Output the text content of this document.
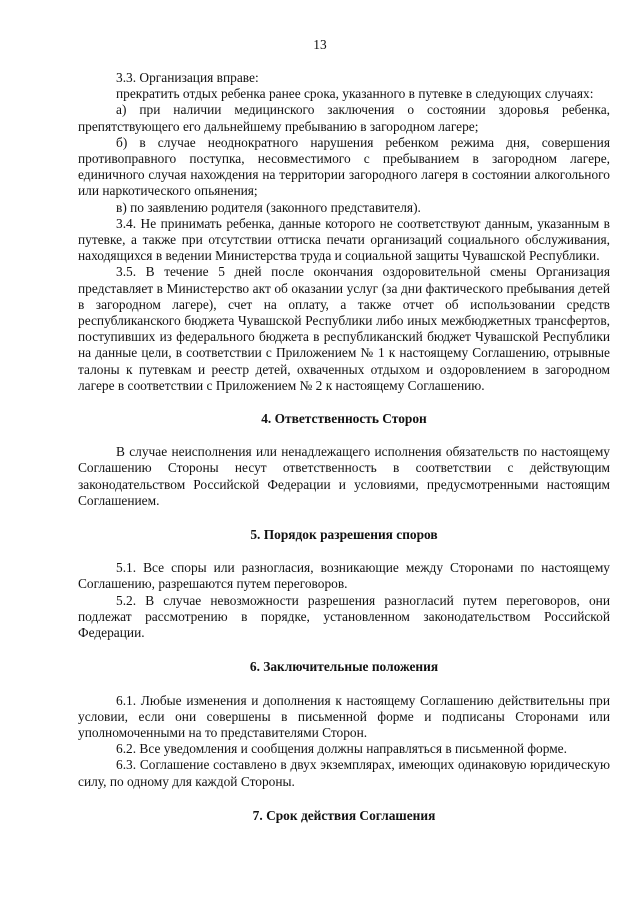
13

3.3. Организация вправе:

прекратить отдых ребенка ранее срока, указанного в путевке в следующих случаях:

а) при наличии медицинского заключения о состоянии здоровья ребенка, препятствующего его дальнейшему пребыванию в загородном лагере;

б) в случае неоднократного нарушения ребенком режима дня, совершения противоправного поступка, несовместимого с пребыванием в загородном лагере, единичного случая нахождения на территории загородного лагеря в состоянии алкогольного или наркотического опьянения;

в) по заявлению родителя (законного представителя).

3.4. Не принимать ребенка, данные которого не соответствуют данным, указанным в путевке, а также при отсутствии оттиска печати организаций социального обслуживания, находящихся в ведении Министерства труда и социальной защиты Чувашской Республики.

3.5. В течение 5 дней после окончания оздоровительной смены Организация представляет в Министерство акт об оказании услуг (за дни фактического пребывания детей в загородном лагере), счет на оплату, а также отчет об использовании средств республиканского бюджета Чувашской Республики либо иных межбюджетных трансфертов, поступивших из федерального бюджета в республиканский бюджет Чувашской Республики на данные цели, в соответствии с Приложением № 1 к настоящему Соглашению, отрывные талоны к путевкам и реестр детей, охваченных отдыхом и оздоровлением в загородном лагере в соответствии с Приложением № 2 к настоящему Соглашению.

4. Ответственность Сторон

В случае неисполнения или ненадлежащего исполнения обязательств по настоящему Соглашению Стороны несут ответственность в соответствии с действующим законодательством Российской Федерации и условиями, предусмотренными настоящим Соглашением.

5. Порядок разрешения споров

5.1. Все споры или разногласия, возникающие между Сторонами по настоящему Соглашению, разрешаются путем переговоров.

5.2. В случае невозможности разрешения разногласий путем переговоров, они подлежат рассмотрению в порядке, установленном законодательством Российской Федерации.

6. Заключительные положения

6.1. Любые изменения и дополнения к настоящему Соглашению действительны при условии, если они совершены в письменной форме и подписаны Сторонами или уполномоченными на то представителями Сторон.

6.2. Все уведомления и сообщения должны направляться в письменной форме.

6.3. Соглашение составлено в двух экземплярах, имеющих одинаковую юридическую силу, по одному для каждой Стороны.

7. Срок действия Соглашения
